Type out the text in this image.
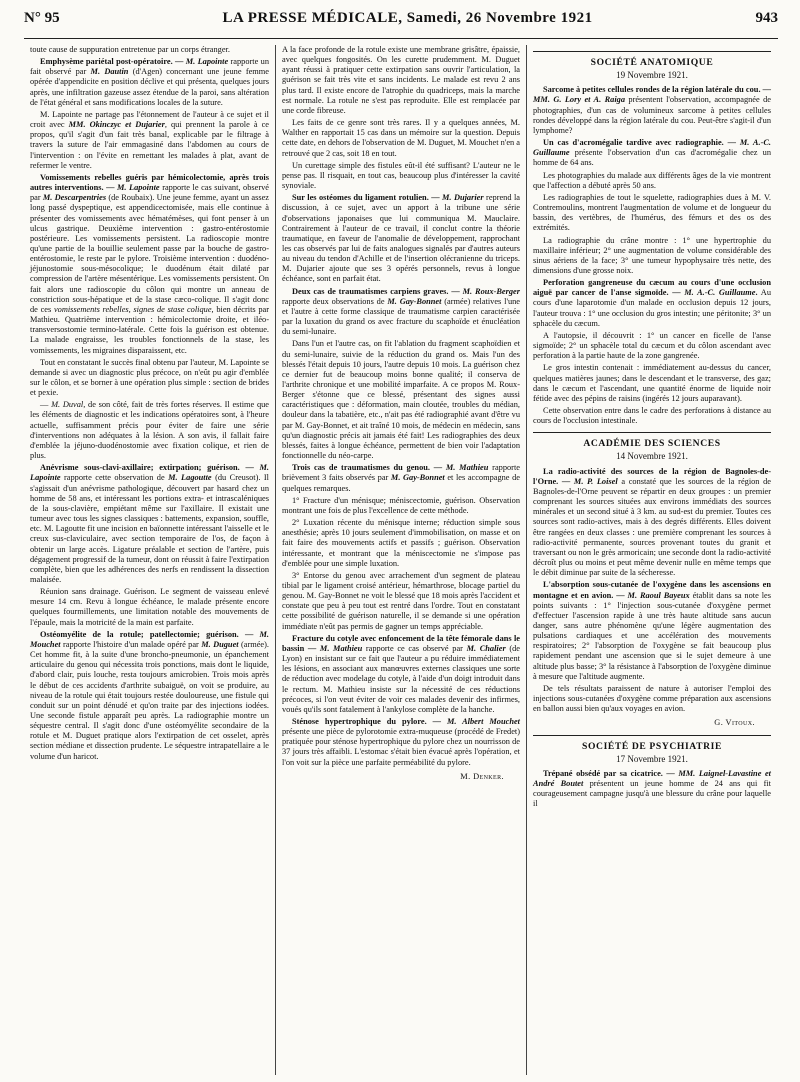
N° 95	LA PRESSE MÉDICALE, Samedi, 26 Novembre 1921	943

toute cause de suppuration entretenue par un corps étranger.

Emphysème pariétal post-opératoire. — M. Lapointe rapporte un fait observé par M. Dautin (d'Agen) concernant une jeune femme opérée d'appendicite en position déclive et qui présenta, quelques jours après, une infiltration gazeuse assez étendue de la paroi, sans altération de l'état général et sans modifications locales de la suture.

M. Lapointe ne partage pas l'étonnement de l'auteur à ce sujet et il croit avec MM. Okinczyc et Dujarier, qui prennent la parole à ce propos, qu'il s'agit d'un fait très banal, explicable par le filtrage à travers la suture de l'air emmagasiné dans l'abdomen au cours de l'intervention : on l'évite en remettant les malades à plat, avant de refermer le ventre.

Vomissements rebelles guéris par hémicolectomie, après trois autres interventions. — M. Lapointe rapporte le cas suivant, observé par M. Descarpentries (de Roubaix). Une jeune femme, ayant un assez long passé dyspeptique, est appendicectomisée, mais elle continue à présenter des vomissements avec hématémèses, qui font penser à un ulcus gastrique. Deuxième intervention : gastro-entérostomie postérieure. Les vomissements persistent. La radioscopie montre qu'une partie de la bouillie seulement passe par la bouche de gastro-entérostomie, le reste par le pylore. Troisième intervention : duodéno-jéjunostomie sous-mésocolique; le duodénum était dilaté par compression de l'artère mésentérique. Les vomissements persistent. On fait alors une radioscopie du côlon qui montre un anneau de constriction sous-hépatique et de la stase cæco-colique. Il s'agit donc de ces vomissements rebelles, signes de stase colique, bien décrits par Mathieu. Quatrième intervention : hémicolectomie droite, et iléo-transversostomie termino-latérale. Cette fois la guérison est obtenue. La malade engraisse, les troubles fonctionnels de la stase, les vomissements, les migraines disparaissent, etc.

Tout en constatant le succès final obtenu par l'auteur, M. Lapointe se demande si avec un diagnostic plus précoce, on n'eût pu agir d'emblée sur le côlon, et se borner à une opération plus simple : section de brides et pexie.

— M. Duval, de son côté, fait de très fortes réserves. Il estime que les éléments de diagnostic et les indications opératoires sont, à l'heure actuelle, suffisamment précis pour éviter de faire une série d'interventions non adéquates à la lésion. A son avis, il fallait faire d'emblée la jéjuno-duodénostomie avec fixation colique, et rien de plus.

Anévrisme sous-clavi-axillaire; extirpation; guérison. — M. Lapointe rapporte cette observation de M. Lagoutte (du Creusot). Il s'agissait d'un anévrisme pathologique, découvert par hasard chez un homme de 58 ans, et intéressant les portions extra- et intrascaléniques de la sous-clavière, empiétant même sur l'axillaire. Il existait une tumeur avec tous les signes classiques : battements, expansion, souffle, etc. M. Lagoutte fit une incision en baïonnette intéressant l'aisselle et le creux sus-claviculaire, avec section temporaire de l'os, de façon à obtenir un large accès. Ligature préalable et section de l'artère, puis dégagement progressif de la tumeur, dont on réussit à faire l'extirpation complète, bien que les adhérences des nerfs en rendissent la dissection malaisée.

Réunion sans drainage. Guérison. Le segment de vaisseau enlevé mesure 14 cm. Revu à longue échéance, le malade présente encore quelques fourmillements, une limitation notable des mouvements de l'épaule, mais la motricité de la main est parfaite.

Ostéomyélite de la rotule; patellectomie; guérison. — M. Mouchet rapporte l'histoire d'un malade opéré par M. Duguet (armée). Cet homme fit, à la suite d'une broncho-pneumonie, un épanchement articulaire du genou qui nécessita trois ponctions, mais dont le liquide, d'abord clair, puis louche, resta toujours amicrobien. Trois mois après le début de ces accidents d'arthrite subaiguë, on voit se produire, au niveau de la rotule qui était toujours restée douloureuse, une fistule qui conduit sur un point dénudé et qu'on traite par des injections iodées. Une seconde fistule apparaît peu après. La radiographie montre un séquestre central. Il s'agit donc d'une ostéomyélite secondaire de la rotule et M. Duguet pratique alors l'extirpation de cet osselet, après section médiane et dissection prudente. Le séquestre intrapatellaire a le volume d'un haricot.

A la face profonde de la rotule existe une membrane grisâtre, épaissie, avec quelques fongosités. On les curette prudemment. M. Duguet ayant réussi à pratiquer cette extirpation sans ouvrir l'articulation, la guérison se fait très vite et sans incidents. Le malade est revu 2 ans plus tard. Il existe encore de l'atrophie du quadriceps, mais la marche est normale. La rotule ne s'est pas reproduite. Elle est remplacée par une corde fibreuse.

Les faits de ce genre sont très rares. Il y a quelques années, M. Walther en rapportait 15 cas dans un mémoire sur la question. Depuis cette date, en dehors de l'observation de M. Duguet, M. Mouchet n'en a retrouvé que 2 cas, soit 18 en tout.

Un curettage simple des fistules eût-il été suffisant? L'auteur ne le pense pas. Il risquait, en tout cas, beaucoup plus d'intéresser la cavité synoviale.

Sur les ostéomes du ligament rotulien. — M. Dujarier reprend la discussion, à ce sujet, avec un apport à la tribune une série d'observations japonaises que lui communiqua M. Mauclaire. Contrairement à l'auteur de ce travail, il conclut contre la théorie traumatique, en faveur de l'anomalie de développement, rapprochant les cas observés par lui de faits analogues signalés par d'autres auteurs au niveau du tendon d'Achille et de l'insertion olécranienne du triceps. M. Dujarier ajoute que ses 3 opérés personnels, revus à longue échéance, sont en parfait état.

Deux cas de traumatismes carpiens graves. — M. Roux-Berger rapporte deux observations de M. Gay-Bonnet (armée) relatives l'une et l'autre à cette forme classique de traumatisme carpien caractérisée par la luxation du grand os avec fracture du scaphoïde et énucléation du semi-lunaire.

Dans l'un et l'autre cas, on fit l'ablation du fragment scaphoïdien et du semi-lunaire, suivie de la réduction du grand os. Mais l'un des blessés l'était depuis 10 jours, l'autre depuis 10 mois. La guérison chez ce dernier fut de beaucoup moins bonne qualité; il conserva de l'arthrite chronique et une mobilité imparfaite. A ce propos M. Roux-Berger s'étonne que ce blessé, présentant des signes aussi caractéristiques que : déformation, main cloutée, troubles du médian, douleur dans la tabatière, etc., n'ait pas été radiographié avant d'être vu par M. Gay-Bonnet, et ait traîné 10 mois, de médecin en médecin, sans qu'un diagnostic précis ait jamais été fait! Les radiographies des deux blessés, faites à longue échéance, permettent de bien voir l'adaptation fonctionnelle du néo-carpe.

Trois cas de traumatismes du genou. — M. Mathieu rapporte brièvement 3 faits observés par M. Gay-Bonnet et les accompagne de quelques remarques.

1° Fracture d'un ménisque; méniscectomie, guérison. Observation montrant une fois de plus l'excellence de cette méthode.

2° Luxation récente du ménisque interne; réduction simple sous anesthésie; après 10 jours seulement d'immobilisation, on masse et on fait faire des mouvements actifs et passifs ; guérison. Observation intéressante, et montrant que la méniscectomie ne s'impose pas d'emblée pour une simple luxation.

3° Entorse du genou avec arrachement d'un segment de plateau tibial par le ligament croisé antérieur, hémarthrose, blocage partiel du genou. M. Gay-Bonnet ne voit le blessé que 18 mois après l'accident et constate que peu à peu tout est rentré dans l'ordre. Tout en constatant cette possibilité de guérison naturelle, il se demande si une opération immédiate n'eût pas permis de gagner un temps appréciable.

Fracture du cotyle avec enfoncement de la tête fémorale dans le bassin — M. Mathieu rapporte ce cas observé par M. Chalier (de Lyon) en insistant sur ce fait que l'auteur a pu réduire immédiatement les lésions, en associant aux manœuvres externes classiques une sorte de réduction avec modelage du cotyle, à l'aide d'un doigt introduit dans le rectum. M. Mathieu insiste sur la nécessité de ces réductions précoces, si l'on veut éviter de voir ces malades devenir des infirmes, voués qu'ils sont fatalement à l'ankylose complète de la hanche.

Sténose hypertrophique du pylore. — M. Albert Mouchet présente une pièce de pylorotomie extra-muqueuse (procédé de Fredet) pratiquée pour sténose hypertrophique du pylore chez un nourrisson de 37 jours très affaibli. L'estomac s'était bien évacué après l'opération, et l'on voit sur la pièce une parfaite perméabilité du pylore.

M. Denker.
SOCIÉTÉ ANATOMIQUE
19 Novembre 1921.

Sarcome à petites cellules rondes de la région latérale du cou. — MM. G. Lory et A. Raiga présentent l'observation, accompagnée de photographies, d'un cas de volumineux sarcome à petites cellules rondes développé dans la région latérale du cou. Peut-être s'agit-il d'un lymphome?

Un cas d'acromégalie tardive avec radiographie. — M. A.-C. Guillaume présente l'observation d'un cas d'acromégalie chez un homme de 64 ans.

Les photographies du malade aux différents âges de la vie montrent que l'affection a débuté après 50 ans.

Les radiographies de tout le squelette, radiographies dues à M. V. Contremoulins, montrent l'augmentation de volume et de longueur du bassin, des vertèbres, de l'humérus, des fémurs et des os des extrémités.

La radiographie du crâne montre : 1° une hypertrophie du maxillaire inférieur; 2° une augmentation de volume considérable des sinus aériens de la face; 3° une tumeur hypophysaire très nette, des dimensions d'une grosse noix.

Perforation gangreneuse du cæcum au cours d'une occlusion aiguë par cancer de l'anse sigmoïde. — M. A.-C. Guillaume. Au cours d'une laparotomie d'un malade en occlusion depuis 12 jours, l'auteur trouva : 1° une occlusion du gros intestin; une péritonite; 3° un sphacèle du cæcum.

A l'autopsie, il découvrit : 1° un cancer en ficelle de l'anse sigmoïde; 2° un sphacèle total du cæcum et du côlon ascendant avec perforation à la partie haute de la zone gangrenée.

Le gros intestin contenait : immédiatement au-dessus du cancer, quelques matières jaunes; dans le descendant et le transverse, des gaz; dans le cæcum et l'ascendant, une quantité énorme de liquide noir fétide avec des pépins de raisins (ingérés 12 jours auparavant).

Cette observation entre dans le cadre des perforations à distance au cours de l'occlusion intestinale.

ACADÉMIE DES SCIENCES
14 Novembre 1921.

La radio-activité des sources de la région de Bagnoles-de-l'Orne. — M. P. Loisel a constaté que les sources de la région de Bagnoles-de-l'Orne peuvent se répartir en deux groupes : un premier comprenant les sources situées aux environs immédiats des sources minérales et un second situé à 3 km. au sud-est du premier. Toutes ces sources sont radio-actives, mais à des degrés différents. Elles doivent être rangées en deux classes : une première comprenant les sources à radio-activité permanente, sources provenant toutes du granit et traversant ou non le grès armoricain; une seconde dont la radio-activité décroît plus ou moins et peut même devenir nulle en même temps que le débit diminue par suite de la sécheresse.

L'absorption sous-cutanée de l'oxygène dans les ascensions en montagne et en avion. — M. Raoul Bayeux établit dans sa note les points suivants : 1° l'injection sous-cutanée d'oxygène permet d'effectuer l'ascension rapide à une très haute altitude sans aucun danger, sans autre phénomène qu'une légère augmentation des pulsations cardiaques et une accélération des mouvements respiratoires; 2° l'absorption de l'oxygène se fait beaucoup plus rapidement pendant une ascension que si le sujet demeure à une altitude plus basse; 3° la résistance à l'absorption de l'oxygène diminue à mesure que l'altitude augmente.

De tels résultats paraissent de nature à autoriser l'emploi des injections sous-cutanées d'oxygène comme préparation aux ascensions en ballon aussi bien qu'aux voyages en avion.

G. Vitoux.
SOCIÉTÉ DE PSYCHIATRIE
17 Novembre 1921.

Trépané obsédé par sa cicatrice. — MM. Laignel-Lavastine et André Boutet présentent un jeune homme de 24 ans qui fit courageusement campagne jusqu'à une blessure du crâne pour laquelle il
